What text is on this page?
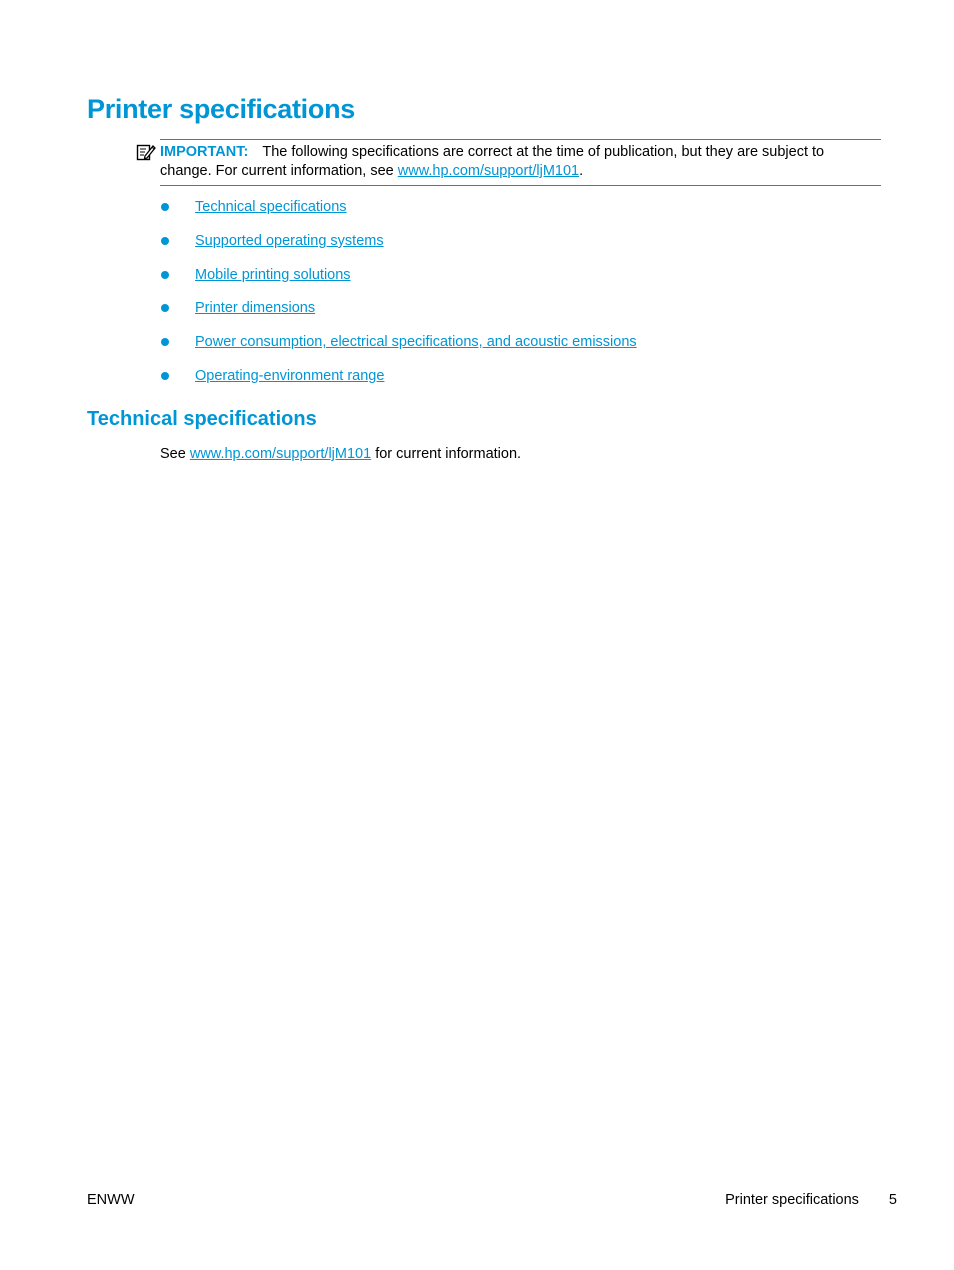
Printer specifications
IMPORTANT: The following specifications are correct at the time of publication, but they are subject to change. For current information, see www.hp.com/support/ljM101.
Technical specifications
Supported operating systems
Mobile printing solutions
Printer dimensions
Power consumption, electrical specifications, and acoustic emissions
Operating-environment range
Technical specifications

See www.hp.com/support/ljM101 for current information.

ENWW	Printer specifications 5
